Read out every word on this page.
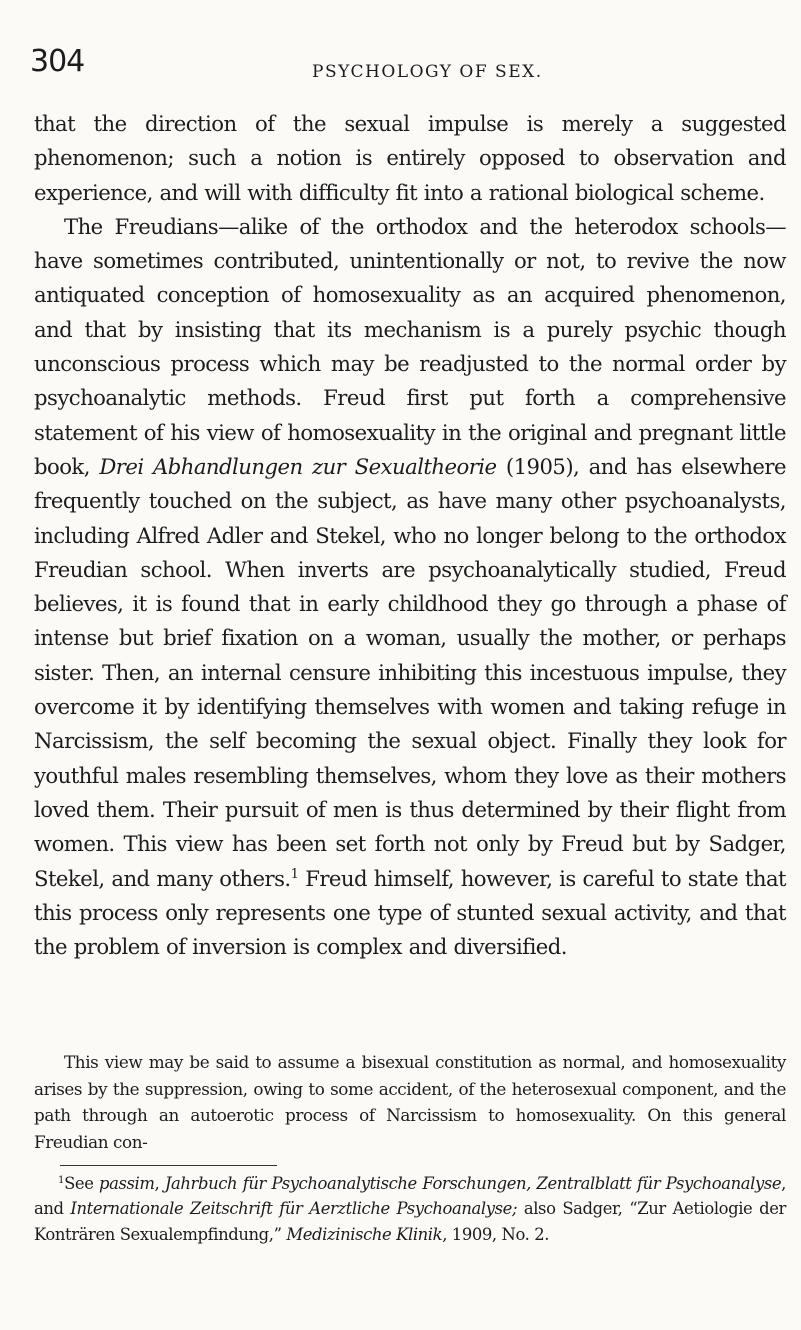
304	PSYCHOLOGY OF SEX.

that the direction of the sexual impulse is merely a suggested phenomenon; such a notion is entirely opposed to observation and experience, and will with difficulty fit into a rational biological scheme.

The Freudians—alike of the orthodox and the heterodox schools—have sometimes contributed, unintentionally or not, to revive the now antiquated conception of homosexuality as an acquired phenomenon, and that by insisting that its mechanism is a purely psychic though unconscious process which may be readjusted to the normal order by psychoanalytic methods. Freud first put forth a comprehensive statement of his view of homosexuality in the original and pregnant little book, Drei Abhandlungen zur Sexualtheorie (1905), and has elsewhere frequently touched on the subject, as have many other psychoanalysts, including Alfred Adler and Stekel, who no longer belong to the orthodox Freudian school. When inverts are psychoanalytically studied, Freud believes, it is found that in early childhood they go through a phase of intense but brief fixation on a woman, usually the mother, or perhaps sister. Then, an internal censure inhibiting this incestuous impulse, they overcome it by identifying themselves with women and taking refuge in Narcissism, the self becoming the sexual object. Finally they look for youthful males resembling themselves, whom they love as their mothers loved them. Their pursuit of men is thus determined by their flight from women. This view has been set forth not only by Freud but by Sadger, Stekel, and many others.$^1$ Freud himself, however, is careful to state that this process only represents one type of stunted sexual activity, and that the problem of inversion is complex and diversified.

This view may be said to assume a bisexual constitution as normal, and homosexuality arises by the suppression, owing to some accident, of the heterosexual component, and the path through an autoerotic process of Narcissism to homosexuality. On this general Freudian con-

$^1$See passim, Jahrbuch für Psychoanalytische Forschungen, Zentralblatt für Psychoanalyse, and Internationale Zeitschrift für Aerztliche Psychoanalyse; also Sadger, “Zur Aetiologie der Konträren Sexualempfindung,” Medizinische Klinik, 1909, No. 2.
